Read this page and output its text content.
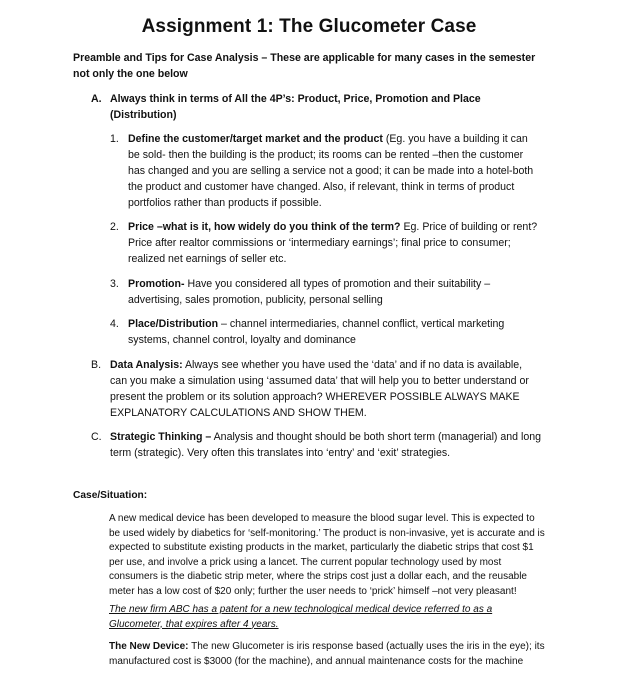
Assignment 1: The Glucometer Case
Preamble and Tips for Case Analysis – These are applicable for many cases in the semester not only the one below
A. Always think in terms of All the 4P’s: Product, Price, Promotion and Place (Distribution)
1. Define the customer/target market and the product (Eg. you have a building it can be sold- then the building is the product; its rooms can be rented –then the customer has changed and you are selling a service not a good; it can be made into a hotel-both the product and customer have changed. Also, if relevant, think in terms of product portfolios rather than products if possible.
2. Price –what is it, how widely do you think of the term? Eg. Price of building or rent? Price after realtor commissions or ‘intermediary earnings’; final price to consumer; realized net earnings of seller etc.
3. Promotion- Have you considered all types of promotion and their suitability – advertising, sales promotion, publicity, personal selling
4. Place/Distribution – channel intermediaries, channel conflict, vertical marketing systems, channel control, loyalty and dominance
B. Data Analysis: Always see whether you have used the ‘data’ and if no data is available, can you make a simulation using ‘assumed data’ that will help you to better understand or present the problem or its solution approach? WHEREVER POSSIBLE ALWAYS MAKE EXPLANATORY CALCULATIONS AND SHOW THEM.
C. Strategic Thinking – Analysis and thought should be both short term (managerial) and long term (strategic). Very often this translates into ‘entry’ and ‘exit’ strategies.
Case/Situation:
A new medical device has been developed to measure the blood sugar level. This is expected to be used widely by diabetics for ‘self-monitoring.’ The product is non-invasive, yet is accurate and is expected to substitute existing products in the market, particularly the diabetic strips that cost $1 per use, and involve a prick using a lancet. The current popular technology used by most consumers is the diabetic strip meter, where the strips cost just a dollar each, and the reusable meter has a low cost of $20 only; further the user needs to ‘prick’ himself –not very pleasant!
The new firm ABC has a patent for a new technological medical device referred to as a Glucometer, that expires after 4 years.
The New Device: The new Glucometer is iris response based (actually uses the iris in the eye); its manufactured cost is $3000 (for the machine), and annual maintenance costs for the machine
